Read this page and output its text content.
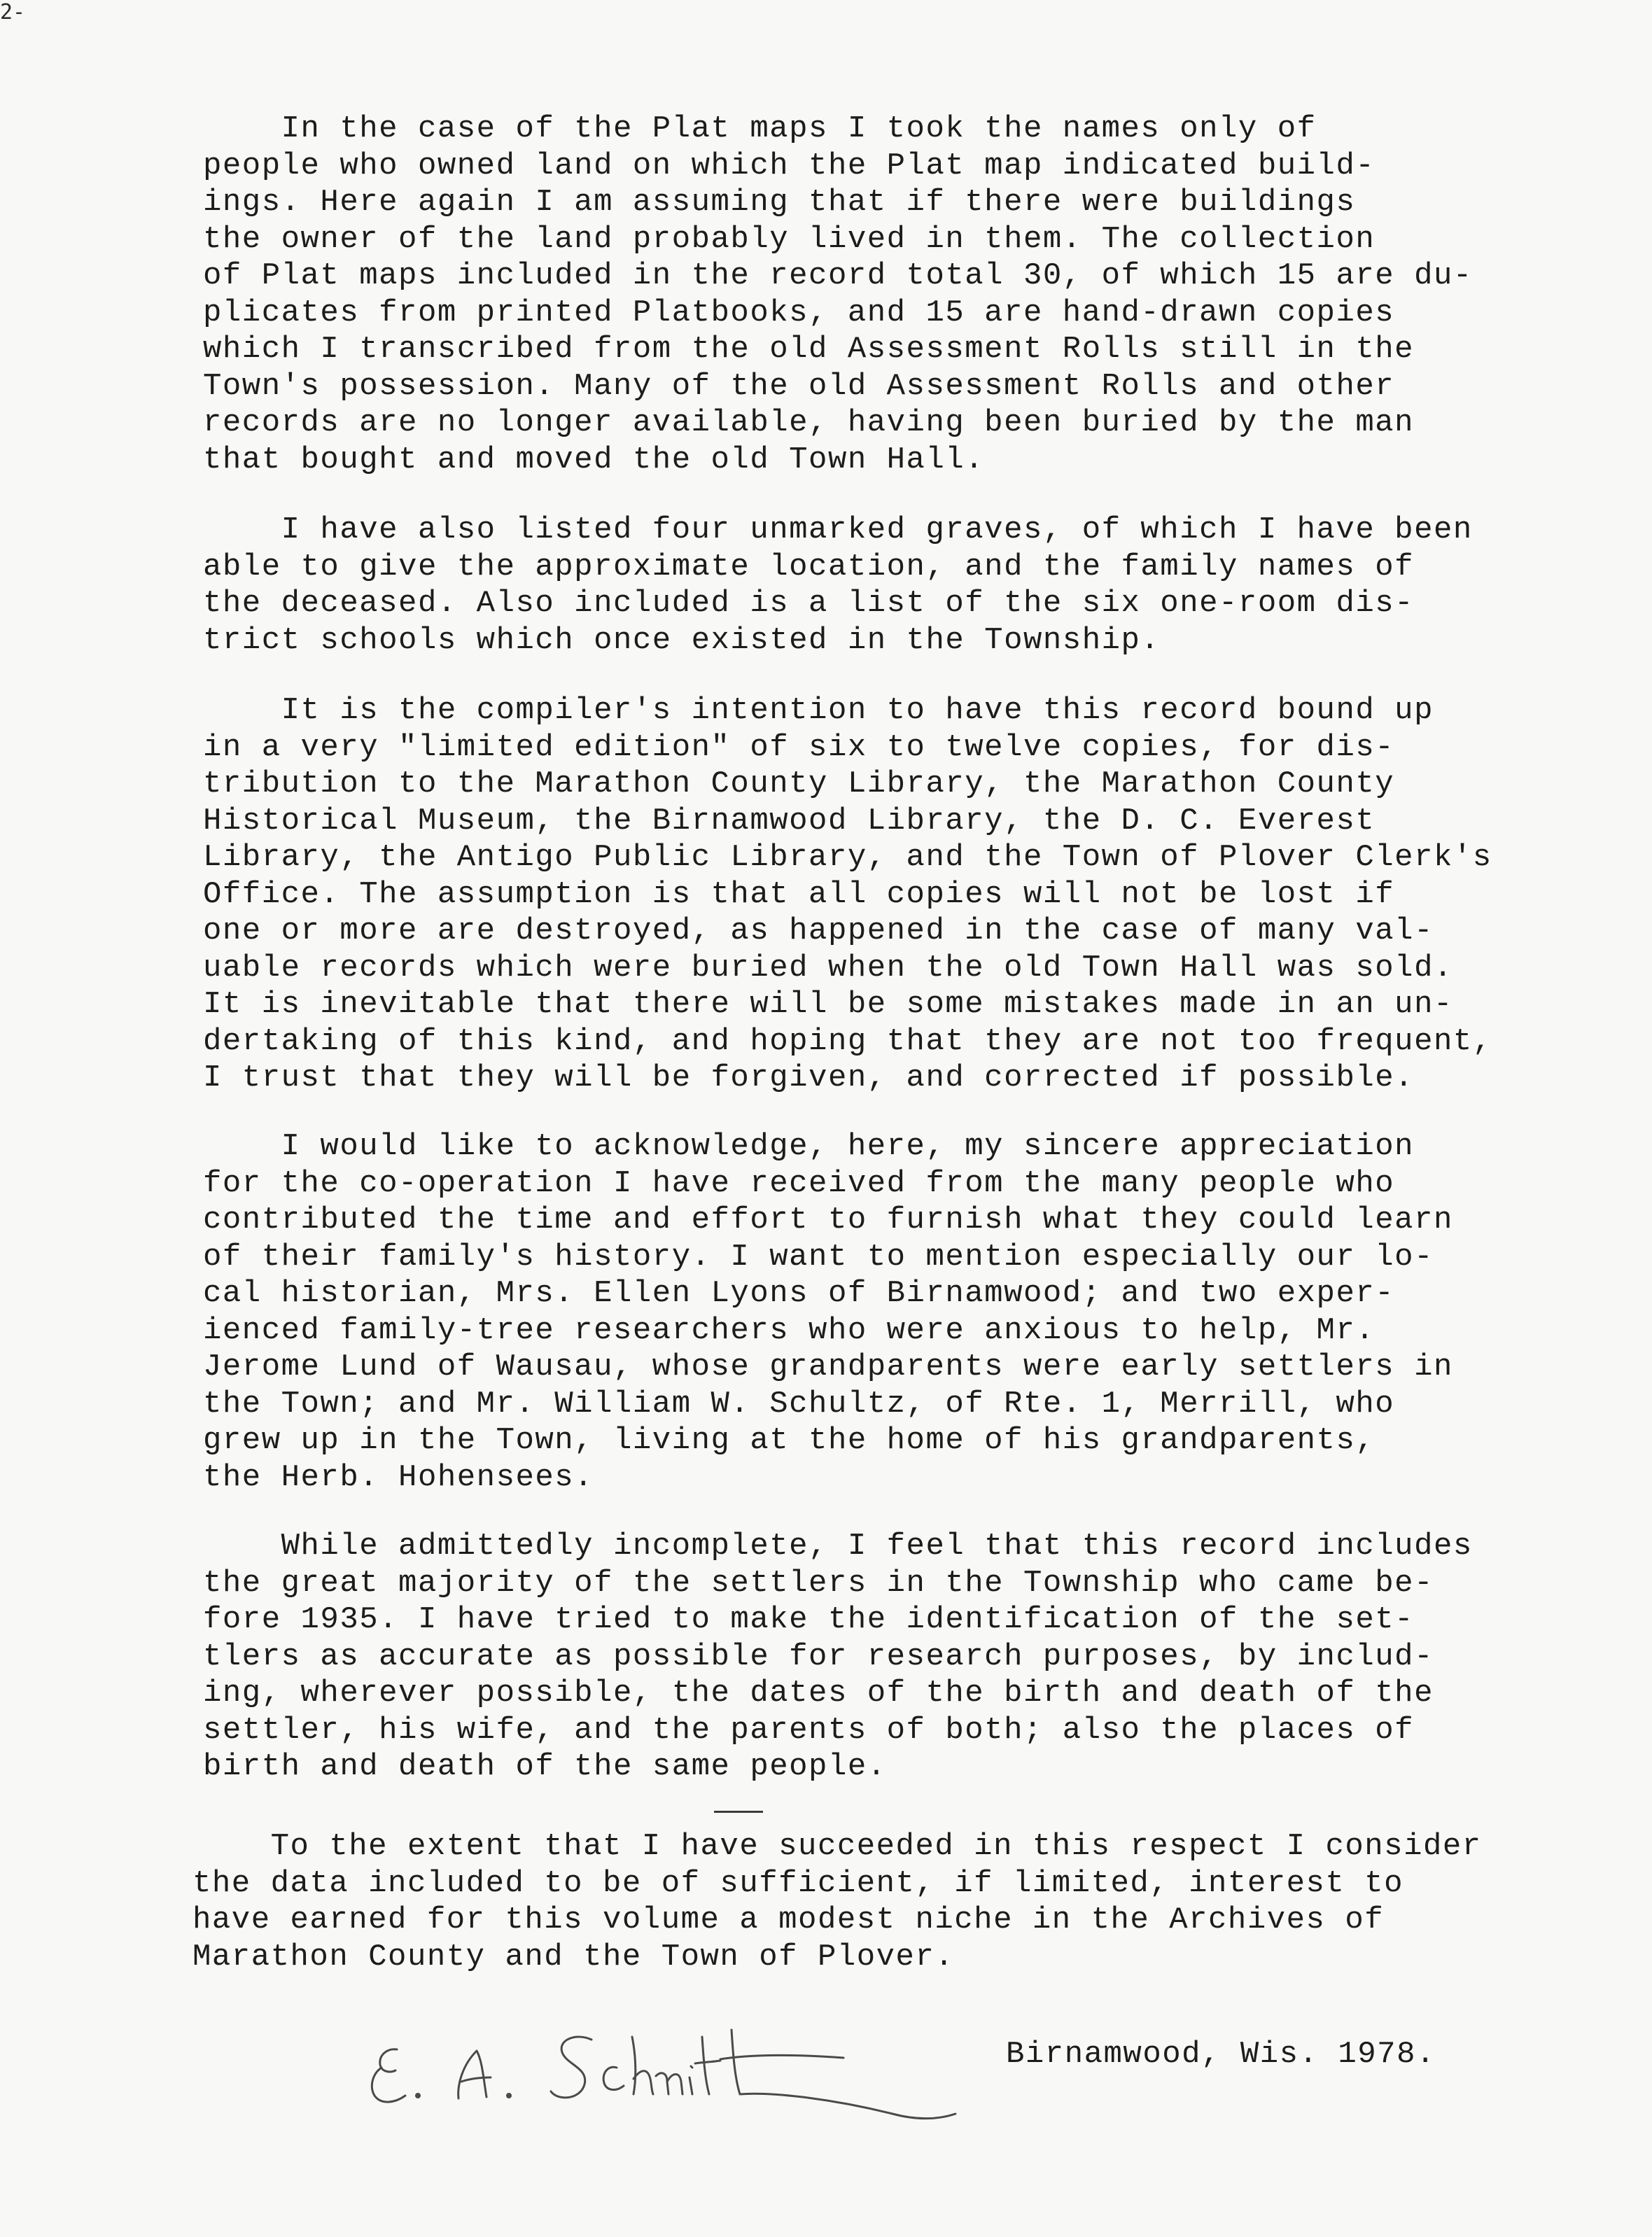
2-

In the case of the Plat maps I took the names only of
people who owned land on which the Plat map indicated build-
ings. Here again I am assuming that if there were buildings
the owner of the land probably lived in them. The collection
of Plat maps included in the record total 30, of which 15 are du-
plicates from printed Platbooks, and 15 are hand-drawn copies
which I transcribed from the old Assessment Rolls still in the
Town's possession. Many of the old Assessment Rolls and other
records are no longer available, having been buried by the man
that bought and moved the old Town Hall.

I have also listed four unmarked graves, of which I have been
able to give the approximate location, and the family names of
the deceased. Also included is a list of the six one-room dis-
trict schools which once existed in the Township.

It is the compiler's intention to have this record bound up
in a very "limited edition" of six to twelve copies, for dis-
tribution to the Marathon County Library, the Marathon County
Historical Museum, the Birnamwood Library, the D. C. Everest
Library, the Antigo Public Library, and the Town of Plover Clerk's
Office. The assumption is that all copies will not be lost if
one or more are destroyed, as happened in the case of many val-
uable records which were buried when the old Town Hall was sold.
It is inevitable that there will be some mistakes made in an un-
dertaking of this kind, and hoping that they are not too frequent,
I trust that they will be forgiven, and corrected if possible.

I would like to acknowledge, here, my sincere appreciation
for the co-operation I have received from the many people who
contributed the time and effort to furnish what they could learn
of their family's history. I want to mention especially our lo-
cal historian, Mrs. Ellen Lyons of Birnamwood; and two exper-
ienced family-tree researchers who were anxious to help, Mr.
Jerome Lund of Wausau, whose grandparents were early settlers in
the Town; and Mr. William W. Schultz, of Rte. 1, Merrill, who
grew up in the Town, living at the home of his grandparents,
the Herb. Hohensees.

While admittedly incomplete, I feel that this record includes
the great majority of the settlers in the Township who came be-
fore 1935. I have tried to make the identification of the set-
tlers as accurate as possible for research purposes, by includ-
ing, wherever possible, the dates of the birth and death of the
settler, his wife, and the parents of both; also the places of
birth and death of the same people.

To the extent that I have succeeded in this respect I consider
the data included to be of sufficient, if limited, interest to
have earned for this volume a modest niche in the Archives of
Marathon County and the Town of Plover.

Birnamwood, Wis. 1978.
